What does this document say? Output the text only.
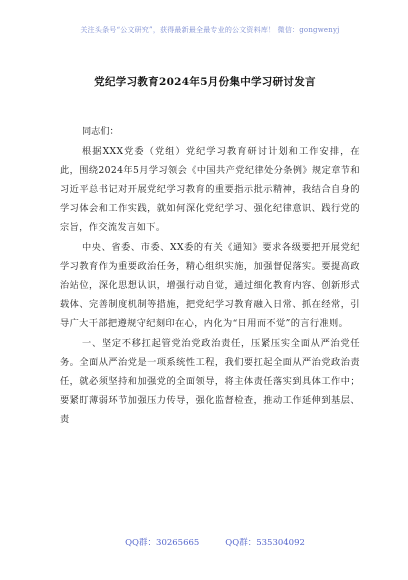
关注头条号“公文研究”，获得最新最全最专业的公文资料库！ 微信：gongwenyj
党纪学习教育2024年5月份集中学习研讨发言

同志们：

根据XXX党委（党组）党纪学习教育研讨计划和工作安排，在此，围绕2024年5月学习领会《中国共产党纪律处分条例》规定章节和习近平总书记对开展党纪学习教育的重要指示批示精神，我结合自身的学习体会和工作实践，就如何深化党纪学习、强化纪律意识、践行党的宗旨，作交流发言如下。

中央、省委、市委、XX委的有关《通知》要求各级要把开展党纪学习教育作为重要政治任务，精心组织实施，加强督促落实。要提高政治站位，深化思想认识，增强行动自觉，通过细化教育内容、创新形式载体、完善制度机制等措施，把党纪学习教育融入日常、抓在经常，引导广大干部把遵规守纪刻印在心，内化为“日用而不觉”的言行准则。

一、坚定不移扛起管党治党政治责任，压紧压实全面从严治党任务。全面从严治党是一项系统性工程，我们要扛起全面从严治党政治责任，就必须坚持和加强党的全面领导，将主体责任落实到具体工作中；要紧盯薄弱环节加强压力传导，强化监督检查，推动工作延伸到基层、责

QQ群：30265665	QQ群：535304092
